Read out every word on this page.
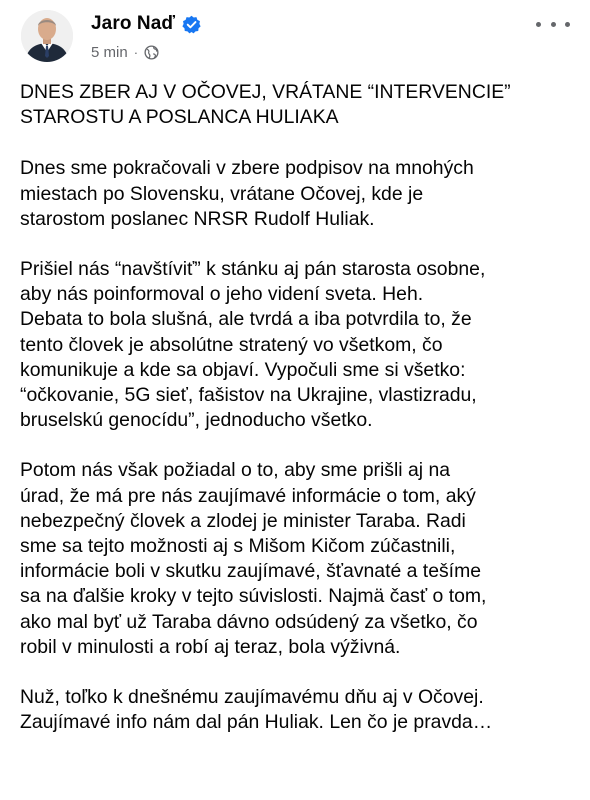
Jaro Naď
5 min ·

DNES ZBER AJ V OČOVEJ, VRÁTANE “INTERVENCIE”
STAROSTU A POSLANCA HULIAKA

Dnes sme pokračovali v zbere podpisov na mnohých
miestach po Slovensku, vrátane Očovej, kde je
starostom poslanec NRSR Rudolf Huliak.

Prišiel nás “navštíviť” k stánku aj pán starosta osobne,
aby nás poinformoval o jeho videní sveta. Heh.
Debata to bola slušná, ale tvrdá a iba potvrdila to, že
tento človek je absolútne stratený vo všetkom, čo
komunikuje a kde sa objaví. Vypočuli sme si všetko:
“očkovanie, 5G sieť, fašistov na Ukrajine, vlastizradu,
bruselskú genocídu”, jednoducho všetko.

Potom nás však požiadal o to, aby sme prišli aj na
úrad, že má pre nás zaujímavé informácie o tom, aký
nebezpečný človek a zlodej je minister Taraba. Radi
sme sa tejto možnosti aj s Mišom Kičom zúčastnili,
informácie boli v skutku zaujímavé, šťavnaté a tešíme
sa na ďalšie kroky v tejto súvislosti. Najmä časť o tom,
ako mal byť už Taraba dávno odsúdený za všetko, čo
robil v minulosti a robí aj teraz, bola výživná.

Nuž, toľko k dnešnému zaujímavému dňu aj v Očovej.
Zaujímavé info nám dal pán Huliak. Len čo je pravda…
